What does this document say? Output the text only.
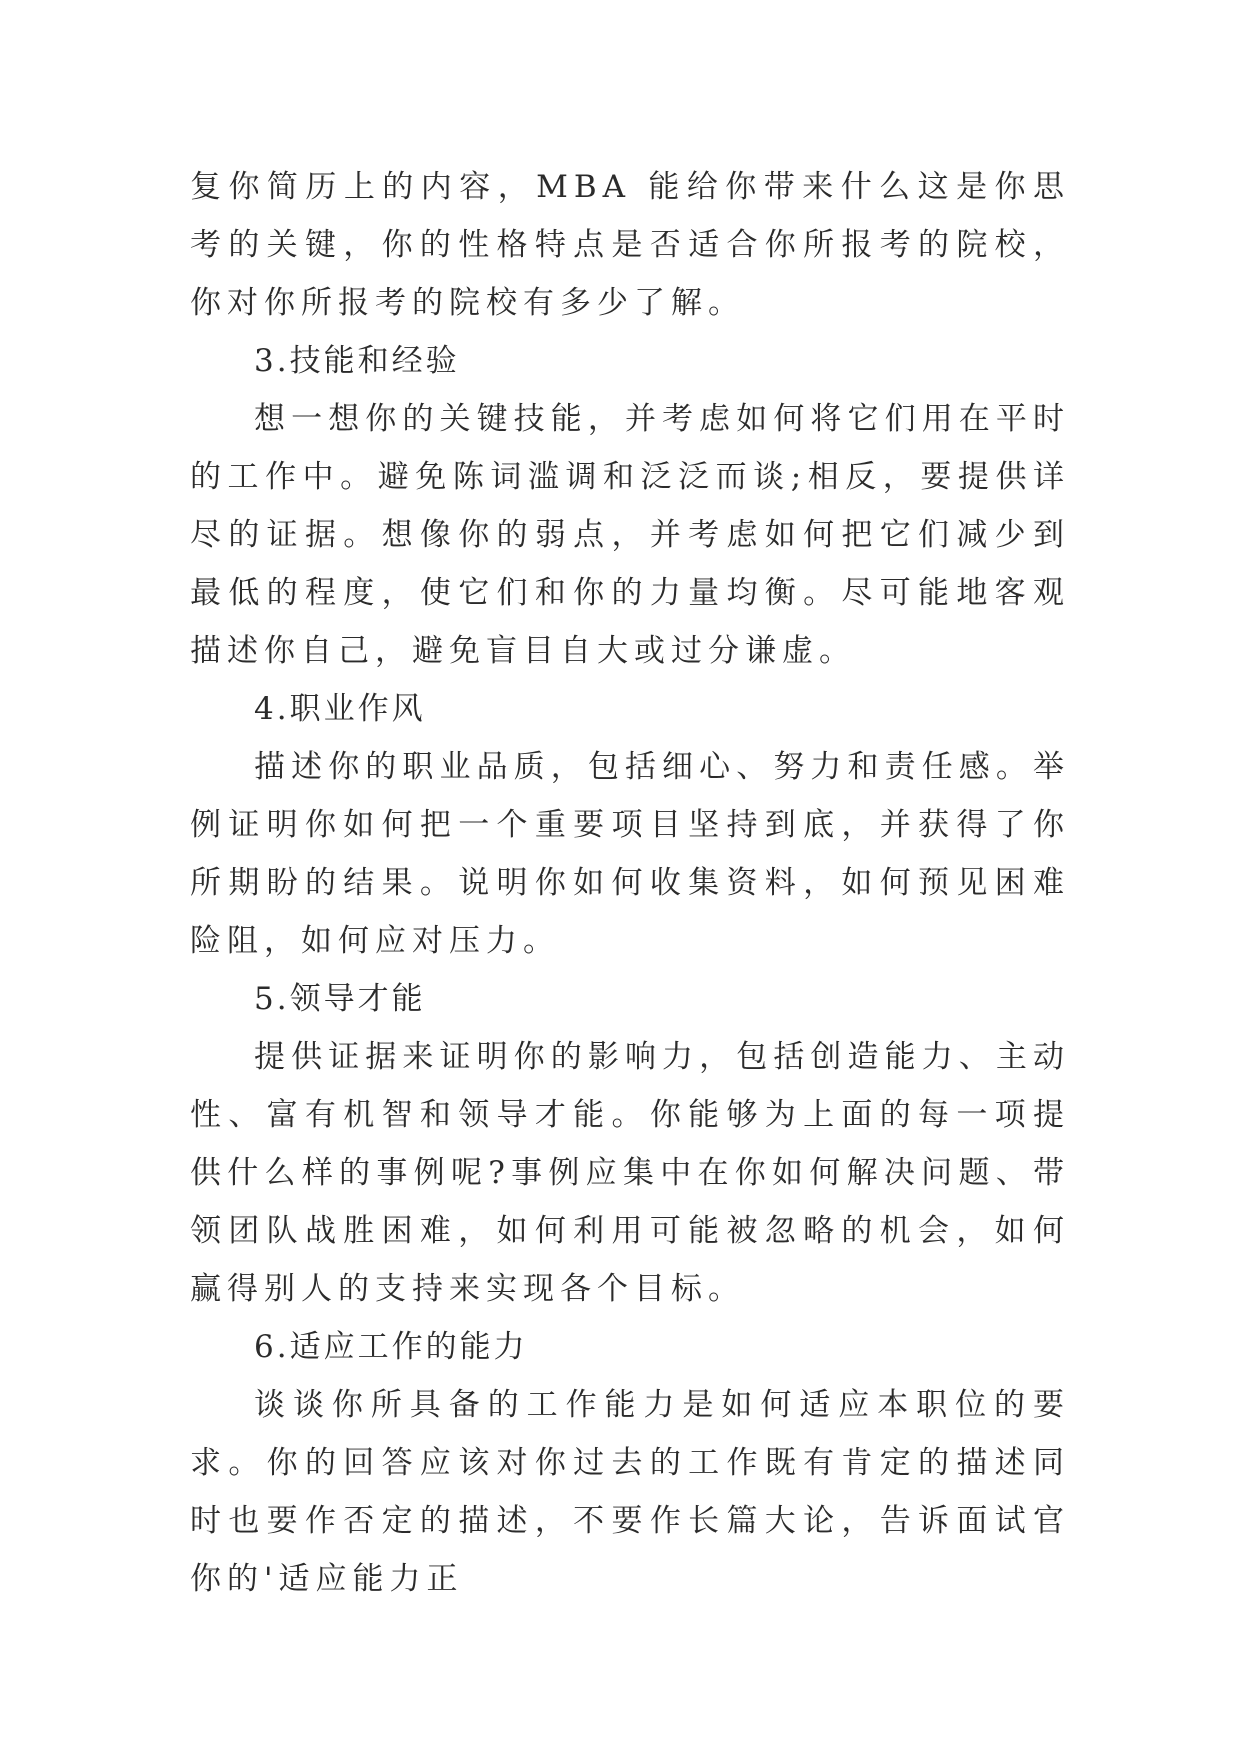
复你简历上的内容，MBA 能给你带来什么这是你思考的关键，你的性格特点是否适合你所报考的院校，你对你所报考的院校有多少了解。

3.技能和经验

想一想你的关键技能，并考虑如何将它们用在平时的工作中。避免陈词滥调和泛泛而谈;相反，要提供详尽的证据。想像你的弱点，并考虑如何把它们减少到最低的程度，使它们和你的力量均衡。尽可能地客观描述你自己，避免盲目自大或过分谦虚。

4.职业作风

描述你的职业品质，包括细心、努力和责任感。举例证明你如何把一个重要项目坚持到底，并获得了你所期盼的结果。说明你如何收集资料，如何预见困难险阻，如何应对压力。

5.领导才能

提供证据来证明你的影响力，包括创造能力、主动性、富有机智和领导才能。你能够为上面的每一项提供什么样的事例呢?事例应集中在你如何解决问题、带领团队战胜困难，如何利用可能被忽略的机会，如何赢得别人的支持来实现各个目标。

6.适应工作的能力

谈谈你所具备的工作能力是如何适应本职位的要求。你的回答应该对你过去的工作既有肯定的描述同时也要作否定的描述，不要作长篇大论，告诉面试官你的'适应能力正
